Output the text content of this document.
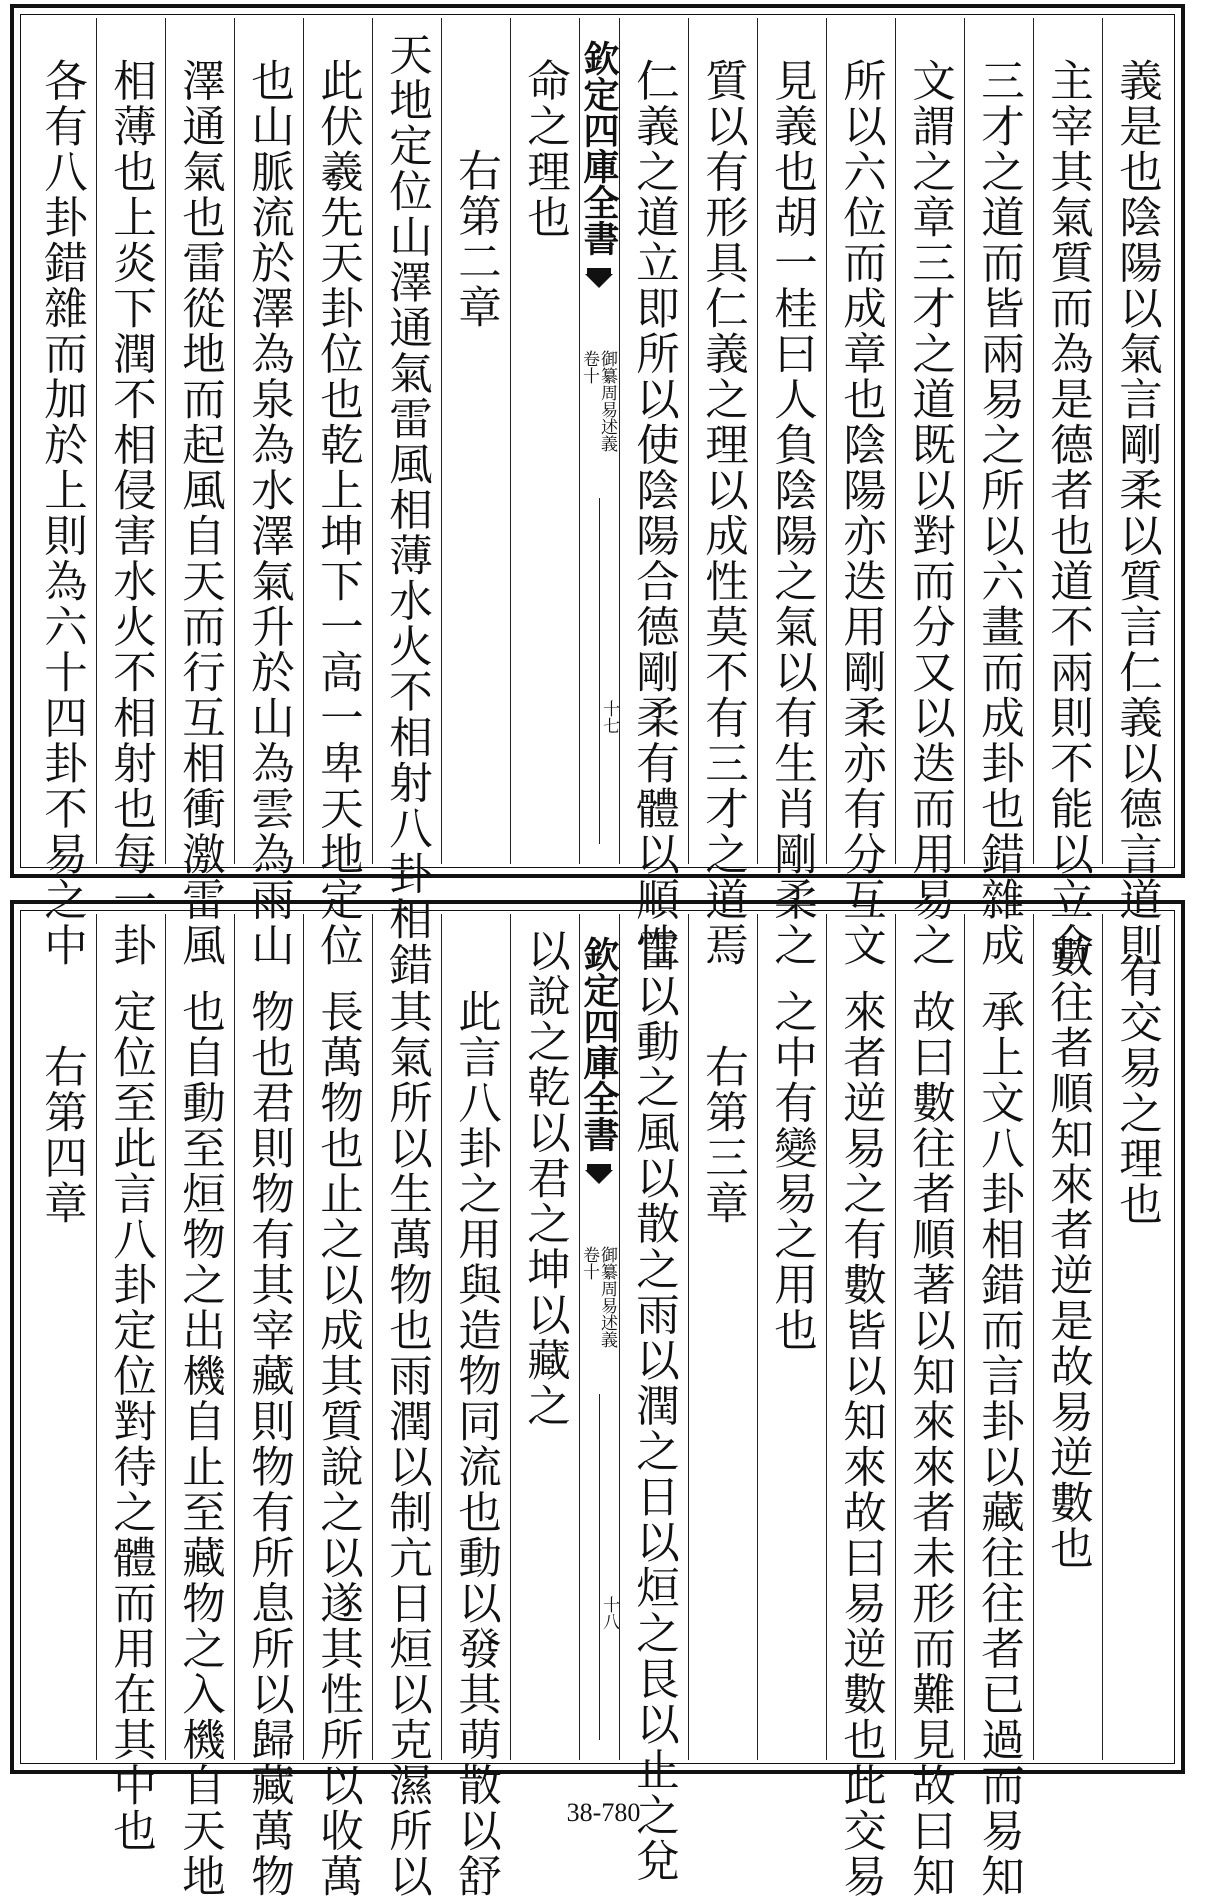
義是也陰陽以氣言剛柔以質言仁義以德言道則
主宰其氣質而為是德者也道不兩則不能以立合
三才之道而皆兩易之所以六畫而成卦也錯雜成
文謂之章三才之道既以對而分又以迭而用易之
所以六位而成章也陰陽亦迭用剛柔亦有分互文
見義也胡一桂曰人負陰陽之氣以有生肖剛柔之
質以有形具仁義之理以成性莫不有三才之道焉
仁義之道立即所以使陰陽合德剛柔有體以順性
欽定四庫全書
御纂周易述義
卷十
十七
命之理也
右第二章
天地定位山澤通氣雷風相薄水火不相射八卦相錯
此伏羲先天卦位也乾上坤下一高一卑天地定位
也山脈流於澤為泉為水澤氣升於山為雲為雨山
澤通氣也雷從地而起風自天而行互相衝激雷風
相薄也上炎下潤不相侵害水火不相射也每一卦
各有八卦錯雜而加於上則為六十四卦不易之中
有交易之理也
數往者順知來者逆是故易逆數也
承上文八卦相錯而言卦以藏往往者已過而易知
故曰數往者順著以知來來者未形而難見故曰知
來者逆易之有數皆以知來故曰易逆數也此交易
之中有變易之用也
右第三章
雷以動之風以散之雨以潤之日以烜之艮以止之兌
欽定四庫全書
御纂周易述義
卷十
十八
以說之乾以君之坤以藏之
此言八卦之用與造物同流也動以發其萌散以舒
其氣所以生萬物也雨潤以制亢日烜以克濕所以
長萬物也止之以成其質說之以遂其性所以收萬
物也君則物有其宰藏則物有所息所以歸藏萬物
也自動至烜物之出機自止至藏物之入機自天地
定位至此言八卦定位對待之體而用在其中也
右第四章
38-780
